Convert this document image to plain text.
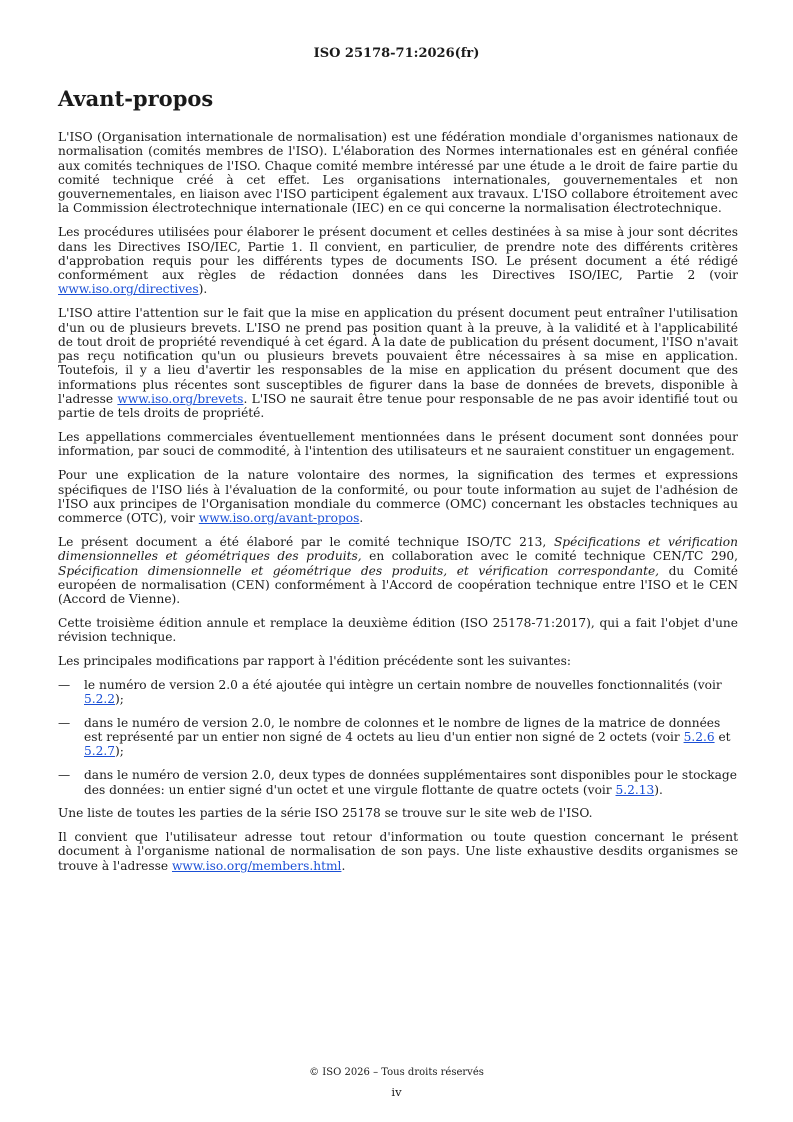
ISO 25178-71:2026(fr)
Avant-propos

L'ISO (Organisation internationale de normalisation) est une fédération mondiale d'organismes nationaux de normalisation (comités membres de l'ISO). L'élaboration des Normes internationales est en général confiée aux comités techniques de l'ISO. Chaque comité membre intéressé par une étude a le droit de faire partie du comité technique créé à cet effet. Les organisations internationales, gouvernementales et non gouvernementales, en liaison avec l'ISO participent également aux travaux. L'ISO collabore étroitement avec la Commission électrotechnique internationale (IEC) en ce qui concerne la normalisation électrotechnique.

Les procédures utilisées pour élaborer le présent document et celles destinées à sa mise à jour sont décrites dans les Directives ISO/IEC, Partie 1. Il convient, en particulier, de prendre note des différents critères d'approbation requis pour les différents types de documents ISO. Le présent document a été rédigé conformément aux règles de rédaction données dans les Directives ISO/IEC, Partie 2 (voir www.iso.org/directives).

L'ISO attire l'attention sur le fait que la mise en application du présent document peut entraîner l'utilisation d'un ou de plusieurs brevets. L'ISO ne prend pas position quant à la preuve, à la validité et à l'applicabilité de tout droit de propriété revendiqué à cet égard. À la date de publication du présent document, l'ISO n'avait pas reçu notification qu'un ou plusieurs brevets pouvaient être nécessaires à sa mise en application. Toutefois, il y a lieu d'avertir les responsables de la mise en application du présent document que des informations plus récentes sont susceptibles de figurer dans la base de données de brevets, disponible à l'adresse www.iso.org/brevets. L'ISO ne saurait être tenue pour responsable de ne pas avoir identifié tout ou partie de tels droits de propriété.

Les appellations commerciales éventuellement mentionnées dans le présent document sont données pour information, par souci de commodité, à l'intention des utilisateurs et ne sauraient constituer un engagement.

Pour une explication de la nature volontaire des normes, la signification des termes et expressions spécifiques de l'ISO liés à l'évaluation de la conformité, ou pour toute information au sujet de l'adhésion de l'ISO aux principes de l'Organisation mondiale du commerce (OMC) concernant les obstacles techniques au commerce (OTC), voir www.iso.org/avant-propos.

Le présent document a été élaboré par le comité technique ISO/TC 213, Spécifications et vérification dimensionnelles et géométriques des produits, en collaboration avec le comité technique CEN/TC 290, Spécification dimensionnelle et géométrique des produits, et vérification correspondante, du Comité européen de normalisation (CEN) conformément à l'Accord de coopération technique entre l'ISO et le CEN (Accord de Vienne).

Cette troisième édition annule et remplace la deuxième édition (ISO 25178-71:2017), qui a fait l'objet d'une révision technique.

Les principales modifications par rapport à l'édition précédente sont les suivantes:

— le numéro de version 2.0 a été ajoutée qui intègre un certain nombre de nouvelles fonctionnalités (voir 5.2.2);
— dans le numéro de version 2.0, le nombre de colonnes et le nombre de lignes de la matrice de données est représenté par un entier non signé de 4 octets au lieu d'un entier non signé de 2 octets (voir 5.2.6 et 5.2.7);
— dans le numéro de version 2.0, deux types de données supplémentaires sont disponibles pour le stockage des données: un entier signé d'un octet et une virgule flottante de quatre octets (voir 5.2.13).

Une liste de toutes les parties de la série ISO 25178 se trouve sur le site web de l'ISO.

Il convient que l'utilisateur adresse tout retour d'information ou toute question concernant le présent document à l'organisme national de normalisation de son pays. Une liste exhaustive desdits organismes se trouve à l'adresse www.iso.org/members.html.

© ISO 2026 – Tous droits réservés
iv
